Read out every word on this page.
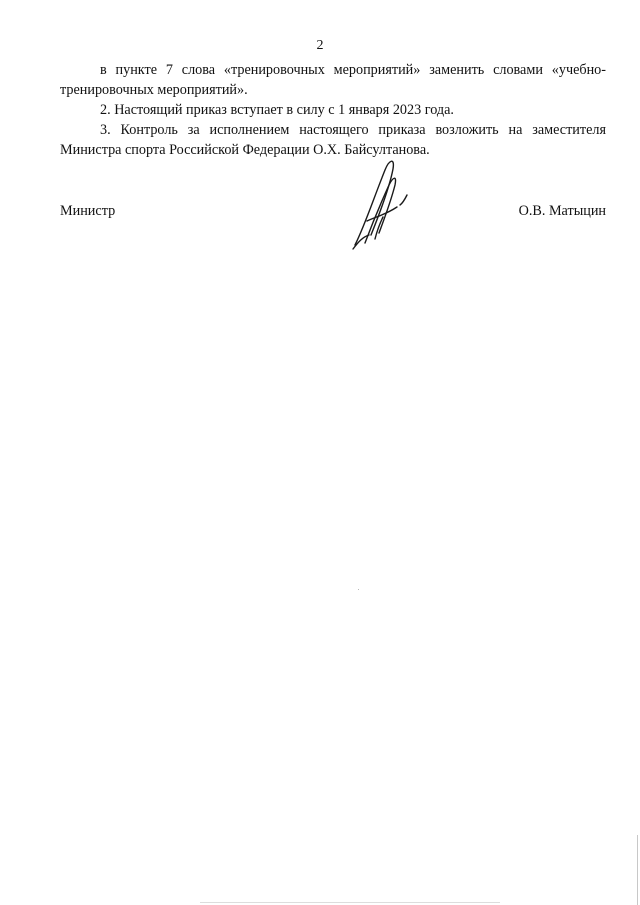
2

в пункте 7 слова «тренировочных мероприятий» заменить словами «учебно-тренировочных мероприятий».

2. Настоящий приказ вступает в силу с 1 января 2023 года.

3. Контроль за исполнением настоящего приказа возложить на заместителя Министра спорта Российской Федерации О.Х. Байсултанова.

Министр	О.В. Матыцин
